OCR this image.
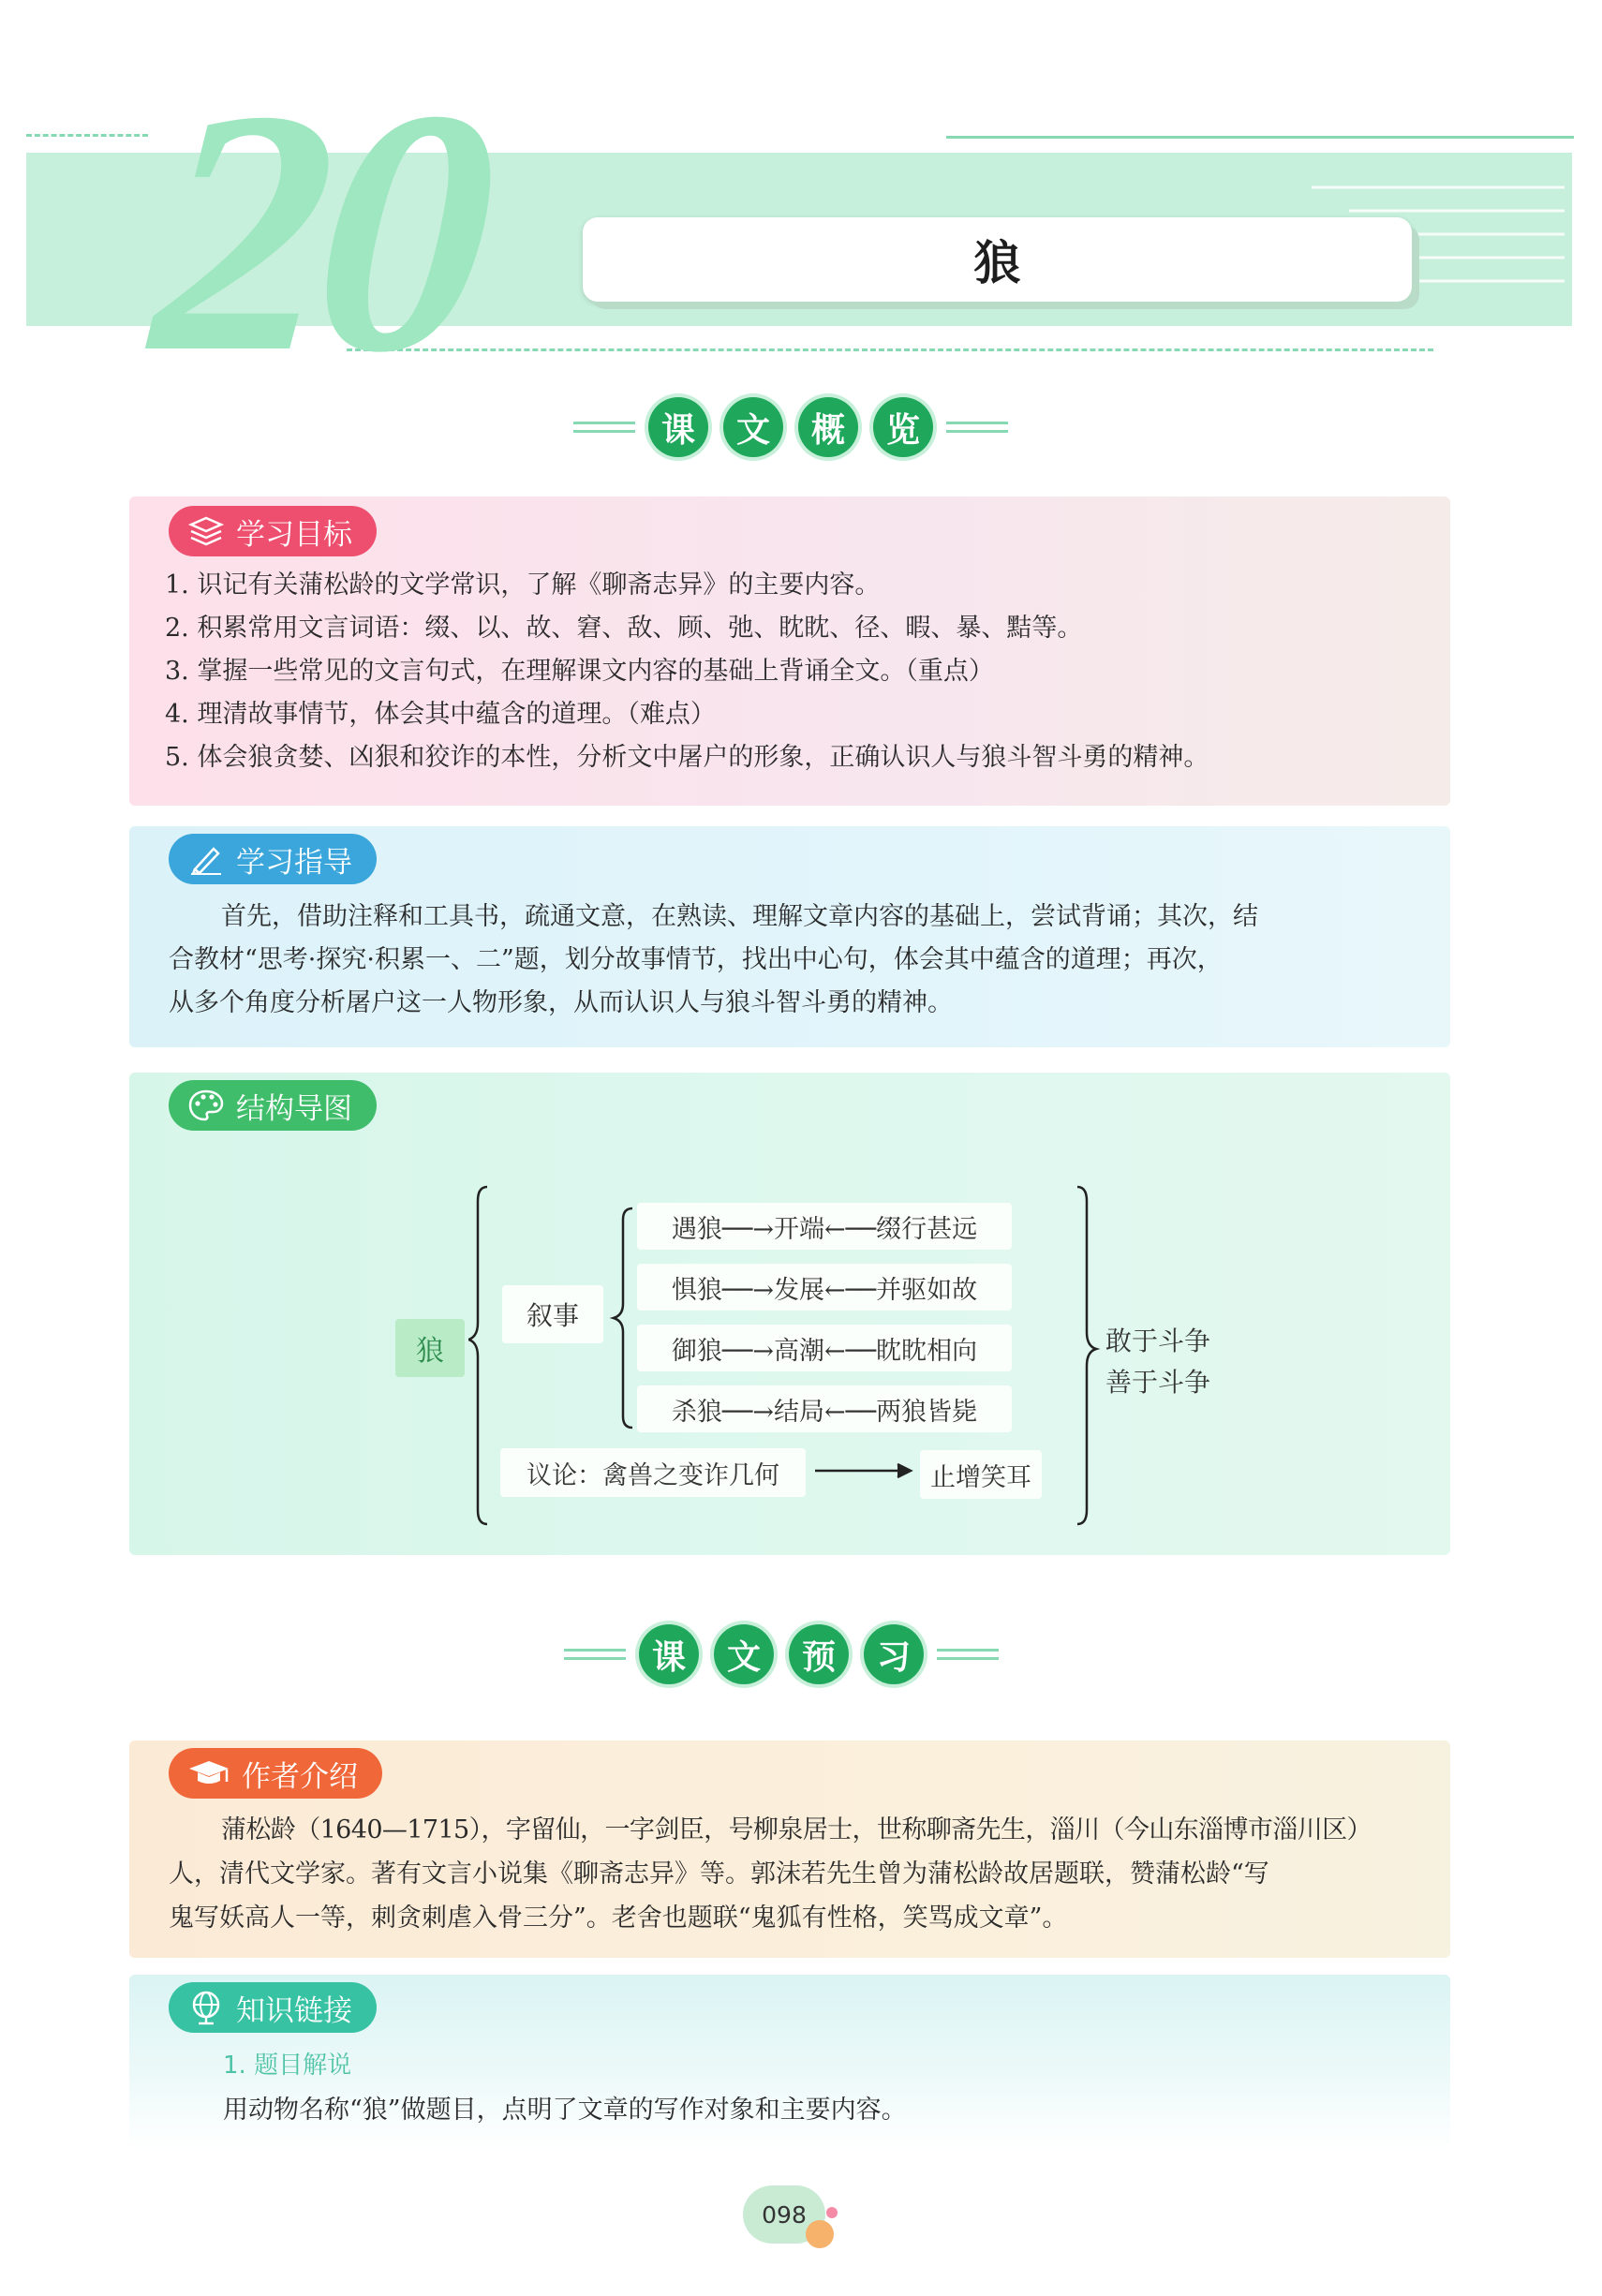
20	狼
课	文	概	览
学习目标
1. 识记有关蒲松龄的文学常识，了解《聊斋志异》的主要内容。
2. 积累常用文言词语：缀、以、故、窘、敌、顾、弛、眈眈、径、暇、暴、黠等。
3. 掌握一些常见的文言句式，在理解课文内容的基础上背诵全文。（重点）
4. 理清故事情节，体会其中蕴含的道理。（难点）
5. 体会狼贪婪、凶狠和狡诈的本性，分析文中屠户的形象，正确认识人与狼斗智斗勇的精神。
学习指导
首先，借助注释和工具书，疏通文意，在熟读、理解文章内容的基础上，尝试背诵；其次，结
合教材“思考·探究·积累一、二”题，划分故事情节，找出中心句，体会其中蕴含的道理；再次，
从多个角度分析屠户这一人物形象，从而认识人与狼斗智斗勇的精神。
结构导图
狼
叙事
遇狼──→开端←──缀行甚远
惧狼──→发展←──并驱如故
御狼──→高潮←──眈眈相向
杀狼──→结局←──两狼皆毙
议论：禽兽之变诈几何	止增笑耳
敢于斗争
善于斗争
课	文	预	习
作者介绍
蒲松龄（1640—1715），字留仙，一字剑臣，号柳泉居士，世称聊斋先生，淄川（今山东淄博市淄川区）
人，清代文学家。著有文言小说集《聊斋志异》等。郭沫若先生曾为蒲松龄故居题联，赞蒲松龄“写
鬼写妖高人一等，刺贪刺虐入骨三分”。老舍也题联“鬼狐有性格，笑骂成文章”。
知识链接
1. 题目解说
用动物名称“狼”做题目，点明了文章的写作对象和主要内容。
098
